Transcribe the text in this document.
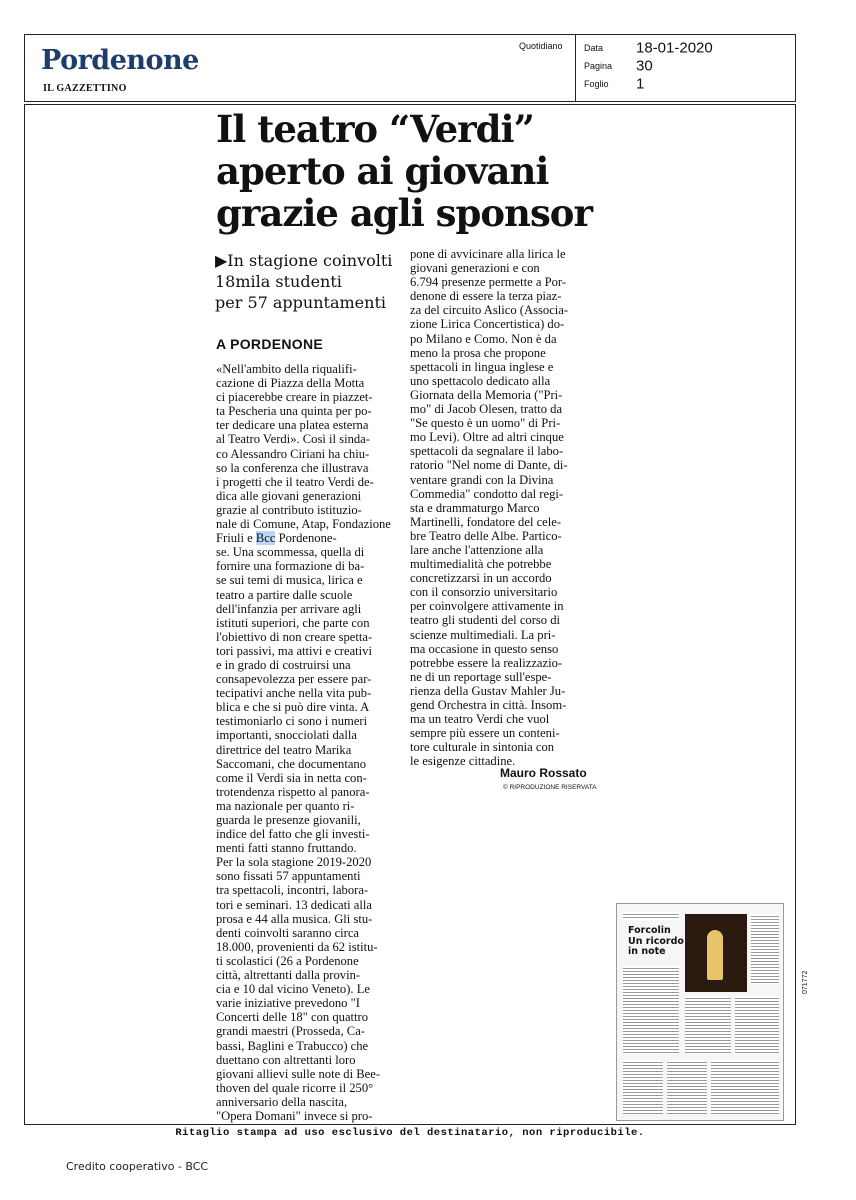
Pordenone
IL GAZZETTINO
Quotidiano Data 18-01-2020
Pagina 30
Foglio 1
Il teatro “Verdi”
aperto ai giovani
grazie agli sponsor
▶In stagione coinvolti
18mila studenti
per 57 appuntamenti
A PORDENONE
«Nell'ambito della riqualifi-
cazione di Piazza della Motta
ci piacerebbe creare in piazzet-
ta Pescheria una quinta per po-
ter dedicare una platea esterna
al Teatro Verdi». Così il sinda-
co Alessandro Ciriani ha chiu-
so la conferenza che illustrava
i progetti che il teatro Verdi de-
dica alle giovani generazioni
grazie al contributo istituzio-
nale di Comune, Atap, Fondazione
Friuli e Bcc Pordenone-
se. Una scommessa, quella di
fornire una formazione di ba-
se sui temi di musica, lirica e
teatro a partire dalle scuole
dell'infanzia per arrivare agli
istituti superiori, che parte con
l'obiettivo di non creare spetta-
tori passivi, ma attivi e creativi
e in grado di costruirsi una
consapevolezza per essere par-
tecipativi anche nella vita pub-
blica e che si può dire vinta. A
testimoniarlo ci sono i numeri
importanti, snocciolati dalla
direttrice del teatro Marika
Saccomani, che documentano
come il Verdi sia in netta con-
trotendenza rispetto al panora-
ma nazionale per quanto ri-
guarda le presenze giovanili,
indice del fatto che gli investi-
menti fatti stanno fruttando.
Per la sola stagione 2019-2020
sono fissati 57 appuntamenti
tra spettacoli, incontri, labora-
tori e seminari. 13 dedicati alla
prosa e 44 alla musica. Gli stu-
denti coinvolti saranno circa
18.000, provenienti da 62 istitu-
ti scolastici (26 a Pordenone
città, altrettanti dalla provin-
cia e 10 dal vicino Veneto). Le
varie iniziative prevedono "I
Concerti delle 18" con quattro
grandi maestri (Prosseda, Ca-
bassi, Baglini e Trabucco) che
duettano con altrettanti loro
giovani allievi sulle note di Bee-
thoven del quale ricorre il 250°
anniversario della nascita,
"Opera Domani" invece si pro-
pone di avvicinare alla lirica le
giovani generazioni e con
6.794 presenze permette a Por-
denone di essere la terza piaz-
za del circuito Aslico (Associa-
zione Lirica Concertistica) do-
po Milano e Como. Non è da
meno la prosa che propone
spettacoli in lingua inglese e
uno spettacolo dedicato alla
Giornata della Memoria ("Pri-
mo" di Jacob Olesen, tratto da
"Se questo è un uomo" di Pri-
mo Levi). Oltre ad altri cinque
spettacoli da segnalare il labo-
ratorio "Nel nome di Dante, di-
ventare grandi con la Divina
Commedia" condotto dal regi-
sta e drammaturgo Marco
Martinelli, fondatore del cele-
bre Teatro delle Albe. Partico-
lare anche l'attenzione alla
multimedialità che potrebbe
concretizzarsi in un accordo
con il consorzio universitario
per coinvolgere attivamente in
teatro gli studenti del corso di
scienze multimediali. La pri-
ma occasione in questo senso
potrebbe essere la realizzazio-
ne di un reportage sull'espe-
rienza della Gustav Mahler Ju-
gend Orchestra in città. Insom-
ma un teatro Verdi che vuol
sempre più essere un conteni-
tore culturale in sintonia con
le esigenze cittadine.
Mauro Rossato
© RIPRODUZIONE RISERVATA
Forcolin
Un ricordo
in note
071772
Ritaglio stampa ad uso esclusivo del destinatario, non riproducibile.
Credito cooperativo - BCC
